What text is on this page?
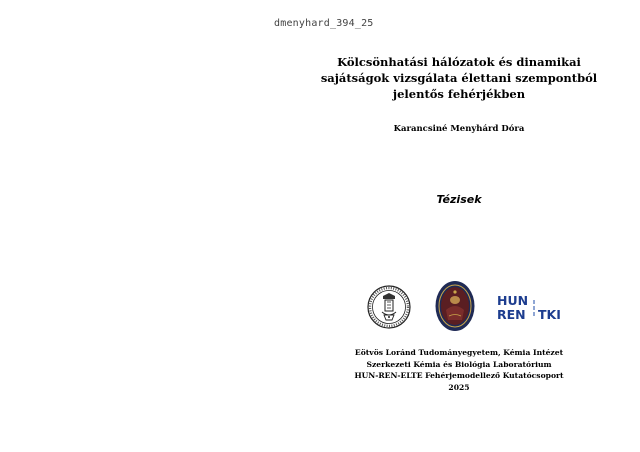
dmenyhard_394_25
Kölcsönhatási hálózatok és dinamikai
sajátságok vizsgálata élettani szempontból
jelentős fehérjékben
Karancsiné Menyhárd Dóra
Tézisek
HUN
REN TKI
Eötvös Loránd Tudományegyetem, Kémia Intézet
Szerkezeti Kémia és Biológia Laboratórium
HUN-REN-ELTE Fehérjemodellező Kutatócsoport
2025
